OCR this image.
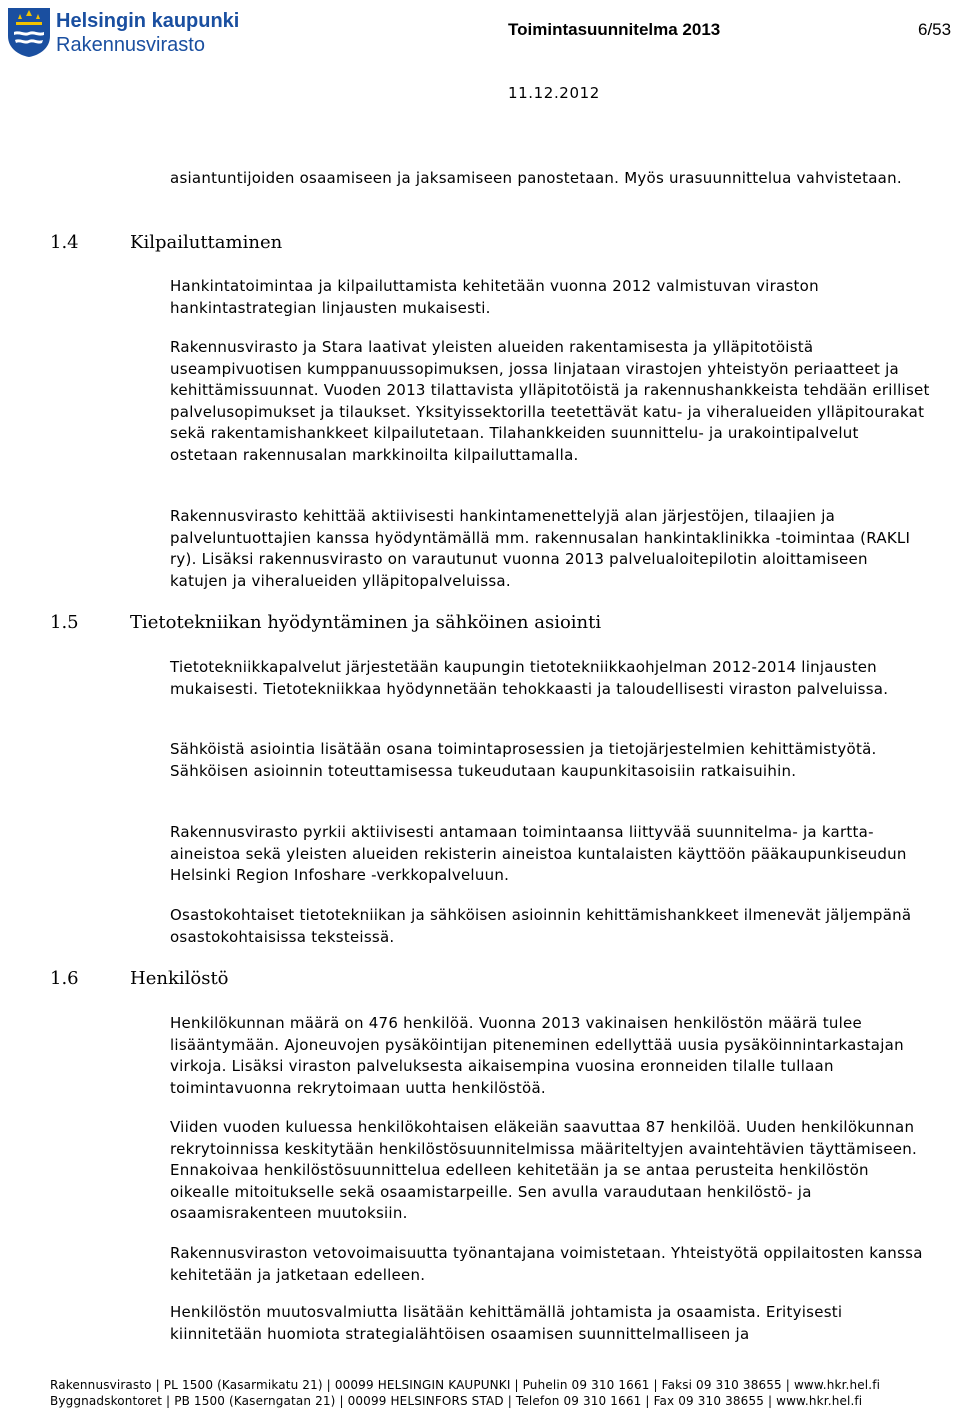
Helsingin kaupunki
Rakennusvirasto
Toimintasuunnitelma 2013	6/53
11.12.2012

asiantuntijoiden osaamiseen ja jaksamiseen panostetaan. Myös urasuunnittelua vahvistetaan.

1.4	Kilpailuttaminen

Hankintatoimintaa ja kilpailuttamista kehitetään vuonna 2012 valmistuvan viraston hankintastrategian linjausten mukaisesti.

Rakennusvirasto ja Stara laativat yleisten alueiden rakentamisesta ja ylläpitotöistä useampivuotisen kumppanuussopimuksen, jossa linjataan virastojen yhteistyön periaatteet ja kehittämissuunnat. Vuoden 2013 tilattavista ylläpitotöistä ja rakennushankkeista tehdään erilliset palvelusopimukset ja tilaukset. Yksityissektorilla teetettävät katu- ja viheralueiden ylläpitourakat sekä rakentamishankkeet kilpailutetaan. Tilahankkeiden suunnittelu- ja urakointipalvelut ostetaan rakennusalan markkinoilta kilpailuttamalla.

Rakennusvirasto kehittää aktiivisesti hankintamenettelyjä alan järjestöjen, tilaajien ja palveluntuottajien kanssa hyödyntämällä mm. rakennusalan hankintaklinikka -toimintaa (RAKLI ry). Lisäksi rakennusvirasto on varautunut vuonna 2013 palvelualoitepilotin aloittamiseen katujen ja viheralueiden ylläpitopalveluissa.

1.5	Tietotekniikan hyödyntäminen ja sähköinen asiointi

Tietotekniikkapalvelut järjestetään kaupungin tietotekniikkaohjelman 2012-2014 linjausten mukaisesti. Tietotekniikkaa hyödynnetään tehokkaasti ja taloudellisesti viraston palveluissa.

Sähköistä asiointia lisätään osana toimintaprosessien ja tietojärjestelmien kehittämistyötä. Sähköisen asioinnin toteuttamisessa tukeudutaan kaupunkitasoisiin ratkaisuihin.

Rakennusvirasto pyrkii aktiivisesti antamaan toimintaansa liittyvää suunnitelma- ja kartta-aineistoa sekä yleisten alueiden rekisterin aineistoa kuntalaisten käyttöön pääkaupunkiseudun Helsinki Region Infoshare -verkkopalveluun.

Osastokohtaiset tietotekniikan ja sähköisen asioinnin kehittämishankkeet ilmenevät jäljempänä osastokohtaisissa teksteissä.

1.6	Henkilöstö

Henkilökunnan määrä on 476 henkilöä. Vuonna 2013 vakinaisen henkilöstön määrä tulee lisääntymään. Ajoneuvojen pysäköintijan piteneminen edellyttää uusia pysäköinnintarkastajan virkoja. Lisäksi viraston palveluksesta aikaisempina vuosina eronneiden tilalle tullaan toimintavuonna rekrytoimaan uutta henkilöstöä.

Viiden vuoden kuluessa henkilökohtaisen eläkeiän saavuttaa 87 henkilöä. Uuden henkilökunnan rekrytoinnissa keskitytään henkilöstösuunnitelmissa määriteltyjen avaintehtävien täyttämiseen. Ennakoivaa henkilöstösuunnittelua edelleen kehitetään ja se antaa perusteita henkilöstön oikealle mitoitukselle sekä osaamistarpeille. Sen avulla varaudutaan henkilöstö- ja osaamisrakenteen muutoksiin.

Rakennusviraston vetovoimaisuutta työnantajana voimistetaan. Yhteistyötä oppilaitosten kanssa kehitetään ja jatketaan edelleen.

Henkilöstön muutosvalmiutta lisätään kehittämällä johtamista ja osaamista. Erityisesti kiinnitetään huomiota strategialähtöisen osaamisen suunnittelmalliseen ja

Rakennusvirasto | PL 1500 (Kasarmikatu 21) | 00099 HELSINGIN KAUPUNKI | Puhelin 09 310 1661 | Faksi 09 310 38655 | www.hkr.hel.fi
Byggnadskontoret | PB 1500 (Kaserngatan 21) | 00099 HELSINFORS STAD | Telefon 09 310 1661 | Fax 09 310 38655 | www.hkr.hel.fi
